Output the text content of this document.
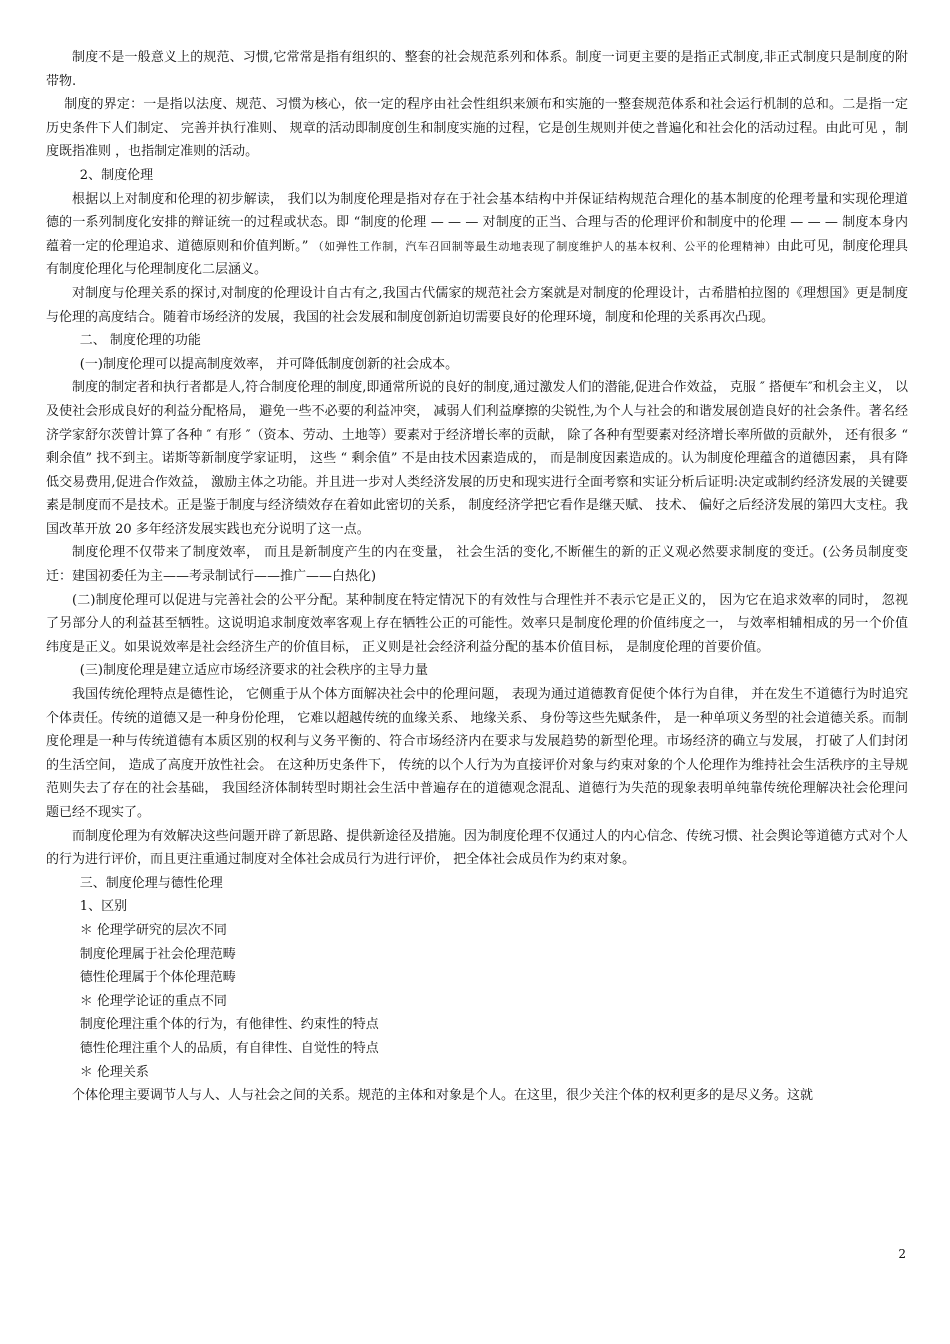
制度不是一般意义上的规范、习惯,它常常是指有组织的、整套的社会规范系列和体系。制度一词更主要的是指正式制度,非正式制度只是制度的附带物.

制度的界定：一是指以法度、规范、习惯为核心，依一定的程序由社会性组织来颁布和实施的一整套规范体系和社会运行机制的总和。二是指一定历史条件下人们制定、 完善并执行准则、 规章的活动即制度创生和制度实施的过程，它是创生规则并使之普遍化和社会化的活动过程。由此可见 ，制度既指准则 ，也指制定准则的活动。

2、制度伦理

根据以上对制度和伦理的初步解读， 我们以为制度伦理是指对存在于社会基本结构中并保证结构规范合理化的基本制度的伦理考量和实现伦理道德的一系列制度化安排的辩证统一的过程或状态。即 “制度的伦理 — — — 对制度的正当、合理与否的伦理评价和制度中的伦理 — — — 制度本身内蕴着一定的伦理追求、道德原则和价值判断。” （如弹性工作制，汽车召回制等最生动地表现了制度维护人的基本权利、公平的伦理精神）由此可见，制度伦理具有制度伦理化与伦理制度化二层涵义。

对制度与伦理关系的探讨,对制度的伦理设计自古有之,我国古代儒家的规范社会方案就是对制度的伦理设计，古希腊柏拉图的《理想国》更是制度与伦理的高度结合。随着市场经济的发展，我国的社会发展和制度创新迫切需要良好的伦理环境，制度和伦理的关系再次凸现。

二、 制度伦理的功能

(一)制度伦理可以提高制度效率， 并可降低制度创新的社会成本。

制度的制定者和执行者都是人,符合制度伦理的制度,即通常所说的良好的制度,通过激发人们的潜能,促进合作效益， 克服 ″ 搭便车″和机会主义， 以及使社会形成良好的利益分配格局， 避免一些不必要的利益冲突， 减弱人们利益摩擦的尖锐性,为个人与社会的和谐发展创造良好的社会条件。著名经济学家舒尔茨曾计算了各种 ″ 有形 ″（资本、劳动、土地等）要素对于经济增长率的贡献， 除了各种有型要素对经济增长率所做的贡献外， 还有很多 “ 剩余值” 找不到主。诺斯等新制度学家证明， 这些 “ 剩余值” 不是由技术因素造成的， 而是制度因素造成的。认为制度伦理蕴含的道德因素， 具有降低交易费用,促进合作效益， 激励主体之功能。并且进一步对人类经济发展的历史和现实进行全面考察和实证分析后证明:决定或制约经济发展的关键要素是制度而不是技术。正是鉴于制度与经济绩效存在着如此密切的关系， 制度经济学把它看作是继天赋、 技术、 偏好之后经济发展的第四大支柱。我国改革开放 20 多年经济发展实践也充分说明了这一点。

制度伦理不仅带来了制度效率， 而且是新制度产生的内在变量， 社会生活的变化,不断催生的新的正义观必然要求制度的变迁。(公务员制度变迁：建国初委任为主——考录制试行——推广——白热化)

(二)制度伦理可以促进与完善社会的公平分配。某种制度在特定情况下的有效性与合理性并不表示它是正义的， 因为它在追求效率的同时， 忽视了另部分人的利益甚至牺牲。这说明追求制度效率客观上存在牺牲公正的可能性。效率只是制度伦理的价值纬度之一， 与效率相辅相成的另一个价值纬度是正义。如果说效率是社会经济生产的价值目标， 正义则是社会经济利益分配的基本价值目标， 是制度伦理的首要价值。

(三)制度伦理是建立适应市场经济要求的社会秩序的主导力量

我国传统伦理特点是德性论， 它侧重于从个体方面解决社会中的伦理问题， 表现为通过道德教育促使个体行为自律， 并在发生不道德行为时追究个体责任。传统的道德又是一种身份伦理， 它难以超越传统的血缘关系、 地缘关系、 身份等这些先赋条件， 是一种单项义务型的社会道德关系。而制度伦理是一种与传统道德有本质区别的权利与义务平衡的、符合市场经济内在要求与发展趋势的新型伦理。市场经济的确立与发展， 打破了人们封闭的生活空间， 造成了高度开放性社会。 在这种历史条件下， 传统的以个人行为为直接评价对象与约束对象的个人伦理作为维持社会生活秩序的主导规范则失去了存在的社会基础， 我国经济体制转型时期社会生活中普遍存在的道德观念混乱、道德行为失范的现象表明单纯靠传统伦理解决社会伦理问题已经不现实了。

而制度伦理为有效解决这些问题开辟了新思路、提供新途径及措施。因为制度伦理不仅通过人的内心信念、传统习惯、社会舆论等道德方式对个人的行为进行评价，而且更注重通过制度对全体社会成员行为进行评价， 把全体社会成员作为约束对象。

三、制度伦理与德性伦理

1、区别

＊ 伦理学研究的层次不同

制度伦理属于社会伦理范畴

德性伦理属于个体伦理范畴

＊ 伦理学论证的重点不同

制度伦理注重个体的行为，有他律性、约束性的特点

德性伦理注重个人的品质，有自律性、自觉性的特点

＊ 伦理关系

个体伦理主要调节人与人、人与社会之间的关系。规范的主体和对象是个人。在这里，很少关注个体的权利更多的是尽义务。这就

2
